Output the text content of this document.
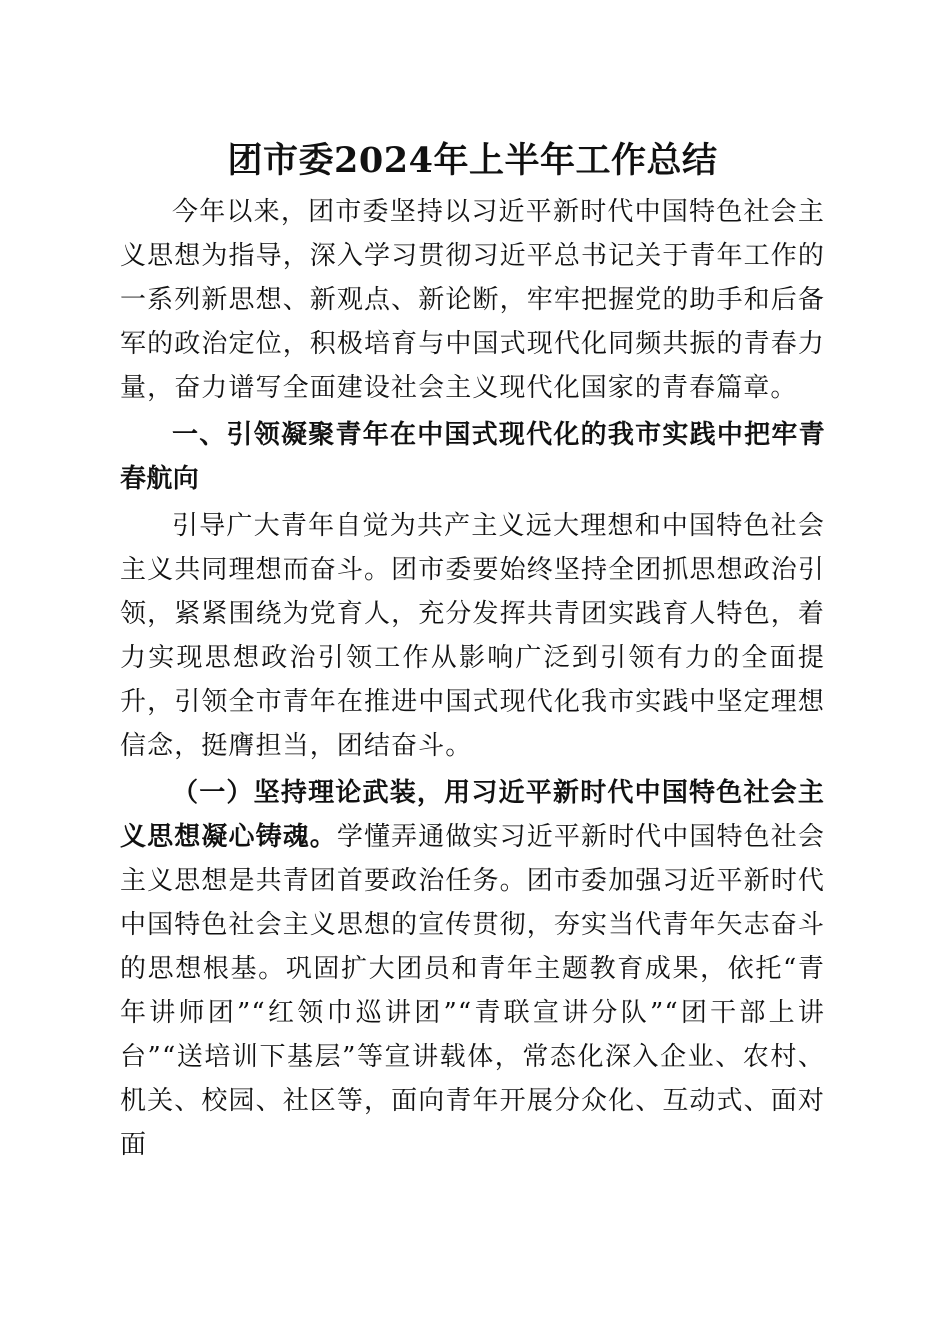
团市委2024年上半年工作总结

今年以来，团市委坚持以习近平新时代中国特色社会主义思想为指导，深入学习贯彻习近平总书记关于青年工作的一系列新思想、新观点、新论断，牢牢把握党的助手和后备军的政治定位，积极培育与中国式现代化同频共振的青春力量，奋力谱写全面建设社会主义现代化国家的青春篇章。

一、引领凝聚青年在中国式现代化的我市实践中把牢青春航向

引导广大青年自觉为共产主义远大理想和中国特色社会主义共同理想而奋斗。团市委要始终坚持全团抓思想政治引领，紧紧围绕为党育人，充分发挥共青团实践育人特色，着力实现思想政治引领工作从影响广泛到引领有力的全面提升，引领全市青年在推进中国式现代化我市实践中坚定理想信念，挺膺担当，团结奋斗。

（一）坚持理论武装，用习近平新时代中国特色社会主义思想凝心铸魂。学懂弄通做实习近平新时代中国特色社会主义思想是共青团首要政治任务。团市委加强习近平新时代中国特色社会主义思想的宣传贯彻，夯实当代青年矢志奋斗的思想根基。巩固扩大团员和青年主题教育成果，依托“青年讲师团”“红领巾巡讲团”“青联宣讲分队”“团干部上讲台”“送培训下基层”等宣讲载体，常态化深入企业、农村、机关、校园、社区等，面向青年开展分众化、互动式、面对面
